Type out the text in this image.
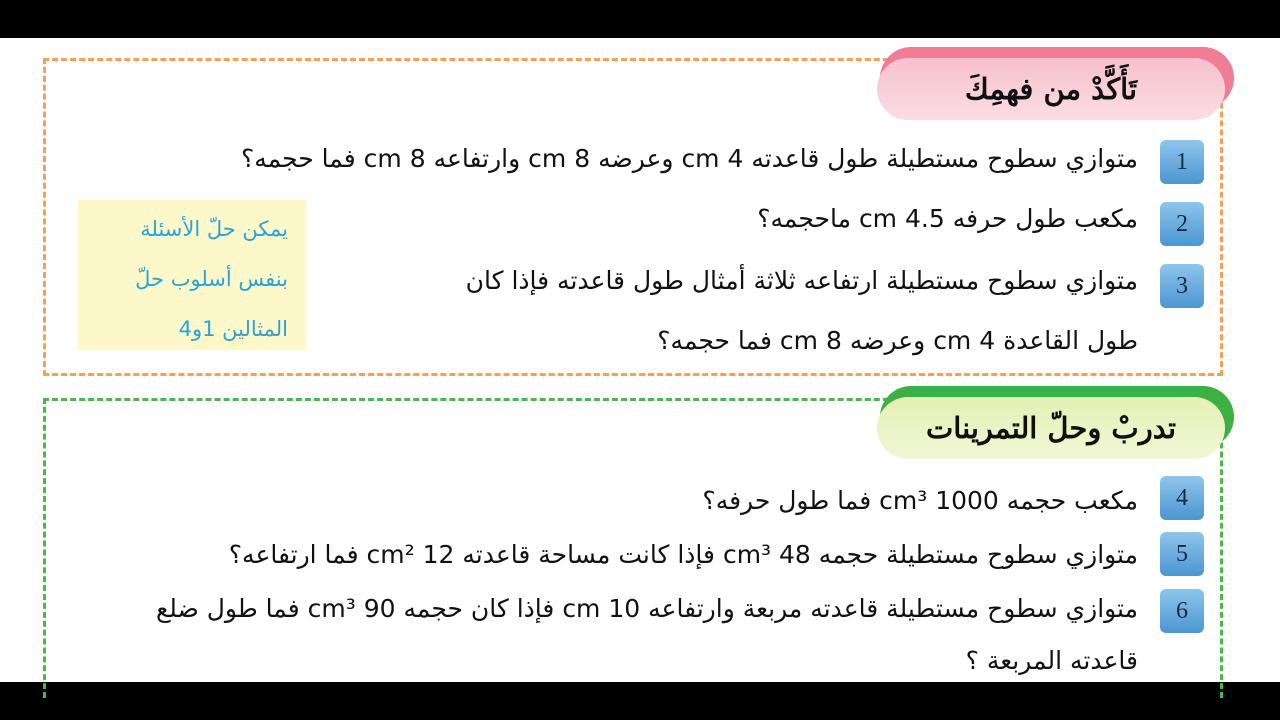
تَأَكَّدْ من فهمِكَ
1
متوازي سطوح مستطيلة طول قاعدته 4 cm وعرضه 8 cm وارتفاعه 8 cm فما حجمه؟
2
مكعب طول حرفه 4.5 cm ماحجمه؟
3
متوازي سطوح مستطيلة ارتفاعه ثلاثة أمثال طول قاعدته فإذا كان
طول القاعدة 4 cm وعرضه 8 cm فما حجمه؟
يمكن حلّ الأسئلة
بنفس أسلوب حلّ
المثالين 1و4
تدربْ وحلّ التمرينات
4
مكعب حجمه 1000 cm³ فما طول حرفه؟
5
متوازي سطوح مستطيلة حجمه 48 cm³ فإذا كانت مساحة قاعدته 12 cm² فما ارتفاعه؟
6
متوازي سطوح مستطيلة قاعدته مربعة وارتفاعه 10 cm فإذا كان حجمه 90 cm³ فما طول ضلع
قاعدته المربعة ؟
